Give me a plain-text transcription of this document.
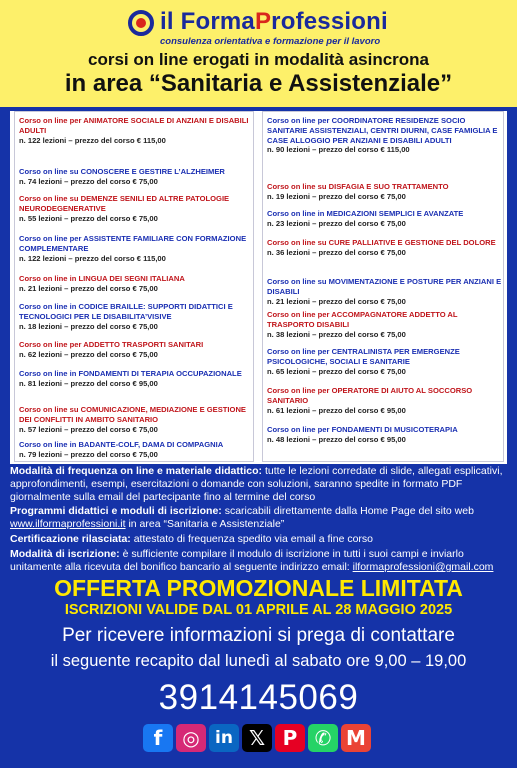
il FormaProfessioni
consulenza orientativa e formazione per il lavoro
corsi on line erogati in modalità asincrona
in area “Sanitaria e Assistenziale”
Corso on line per ANIMATORE SOCIALE DI ANZIANI E DISABILI ADULTI
n. 122 lezioni – prezzo del corso € 115,00
Corso on line su CONOSCERE E GESTIRE L’ALZHEIMER
n. 74 lezioni – prezzo del corso € 75,00
Corso on line su DEMENZE SENILI ED ALTRE PATOLOGIE NEURODEGENERATIVE
n. 55 lezioni – prezzo del corso € 75,00
Corso on line per ASSISTENTE FAMILIARE CON FORMAZIONE COMPLEMENTARE
n. 122 lezioni – prezzo del corso € 115,00
Corso on line in LINGUA DEI SEGNI ITALIANA
n. 21 lezioni – prezzo del corso € 75,00
Corso on line in CODICE BRAILLE: SUPPORTI DIDATTICI E TECNOLOGICI PER LE DISABILITA’VISIVE
n. 18 lezioni – prezzo del corso € 75,00
Corso on line per ADDETTO TRASPORTI SANITARI
n. 62 lezioni – prezzo del corso € 75,00
Corso on line in FONDAMENTI DI TERAPIA OCCUPAZIONALE
n. 81 lezioni – prezzo del corso € 95,00
Corso on line su COMUNICAZIONE, MEDIAZIONE E GESTIONE DEI CONFLITTI IN AMBITO SANITARIO
n. 57 lezioni – prezzo del corso € 75,00
Corso on line in BADANTE-COLF, DAMA DI COMPAGNIA
n. 79 lezioni – prezzo del corso € 75,00
Corso on line per COORDINATORE RESIDENZE SOCIO SANITARIE ASSISTENZIALI, CENTRI DIURNI, CASE FAMIGLIA E CASE ALLOGGIO PER ANZIANI E DISABILI ADULTI
n. 90 lezioni – prezzo del corso € 115,00
Corso on line su DISFAGIA E SUO TRATTAMENTO
n. 19 lezioni – prezzo del corso € 75,00
Corso on line in MEDICAZIONI SEMPLICI E AVANZATE
n. 23 lezioni – prezzo del corso € 75,00
Corso on line su CURE PALLIATIVE E GESTIONE DEL DOLORE
n. 36 lezioni – prezzo del corso € 75,00
Corso on line su MOVIMENTAZIONE E POSTURE PER ANZIANI E DISABILI
n. 21 lezioni – prezzo del corso € 75,00
Corso on line per ACCOMPAGNATORE ADDETTO AL TRASPORTO DISABILI
n. 38 lezioni – prezzo del corso € 75,00
Corso on line per CENTRALINISTA PER EMERGENZE PSICOLOGICHE, SOCIALI E SANITARIE
n. 65 lezioni – prezzo del corso € 75,00
Corso on line per OPERATORE DI AIUTO AL SOCCORSO SANITARIO
n. 61 lezioni – prezzo del corso € 95,00
Corso on line per FONDAMENTI DI MUSICOTERAPIA
n. 48 lezioni – prezzo del corso € 95,00
Modalità di frequenza on line e materiale didattico: tutte le lezioni corredate di slide, allegati esplicativi, approfondimenti, esempi, esercitazioni o domande con soluzioni, saranno spedite in formato PDF giornalmente sulla email del partecipante fino al termine del corso
Programmi didattici e moduli di iscrizione: scaricabili direttamente dalla Home Page del sito web www.ilformaprofessioni.it in area “Sanitaria e Assistenziale”
Certificazione rilasciata: attestato di frequenza spedito via email a fine corso
Modalità di iscrizione: è sufficiente compilare il modulo di iscrizione in tutti i suoi campi e inviarlo unitamente alla ricevuta del bonifico bancario al seguente indirizzo email: ilformaprofessioni@gmail.com
OFFERTA PROMOZIONALE LIMITATA
ISCRIZIONI VALIDE DAL 01 APRILE AL 28 MAGGIO 2025
Per ricevere informazioni si prega di contattare
il seguente recapito dal lunedì al sabato ore 9,00 – 19,00
3914145069
f ◎ in 𝕏 P ✆ M
